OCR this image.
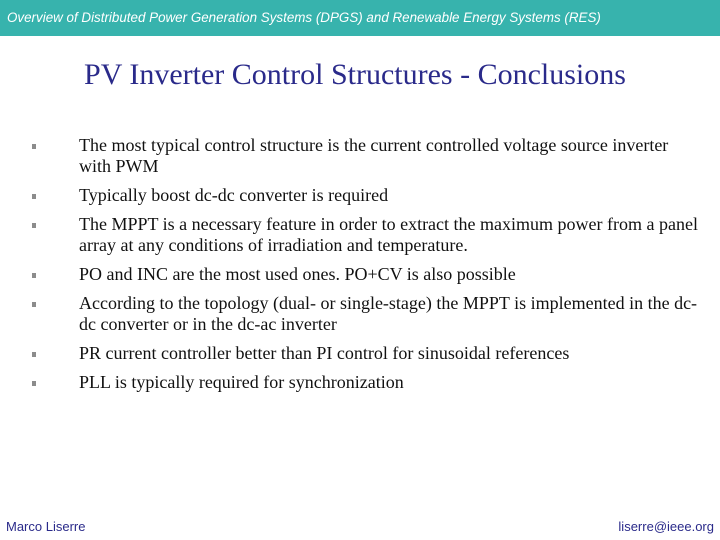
Overview of Distributed Power Generation Systems (DPGS) and Renewable Energy Systems (RES)
PV Inverter Control Structures - Conclusions
The most typical control structure is the current controlled voltage source inverter with PWM
Typically boost dc-dc converter is required
The MPPT is a necessary feature in order to extract the maximum power from a panel array at any conditions of irradiation and temperature.
PO and INC are the most used ones. PO+CV is also possible
According to the topology (dual- or single-stage) the MPPT is implemented in the dc-dc converter or in the dc-ac inverter
PR current controller better than PI control for sinusoidal references
PLL is typically required for synchronization
Marco Liserre	liserre@ieee.org
